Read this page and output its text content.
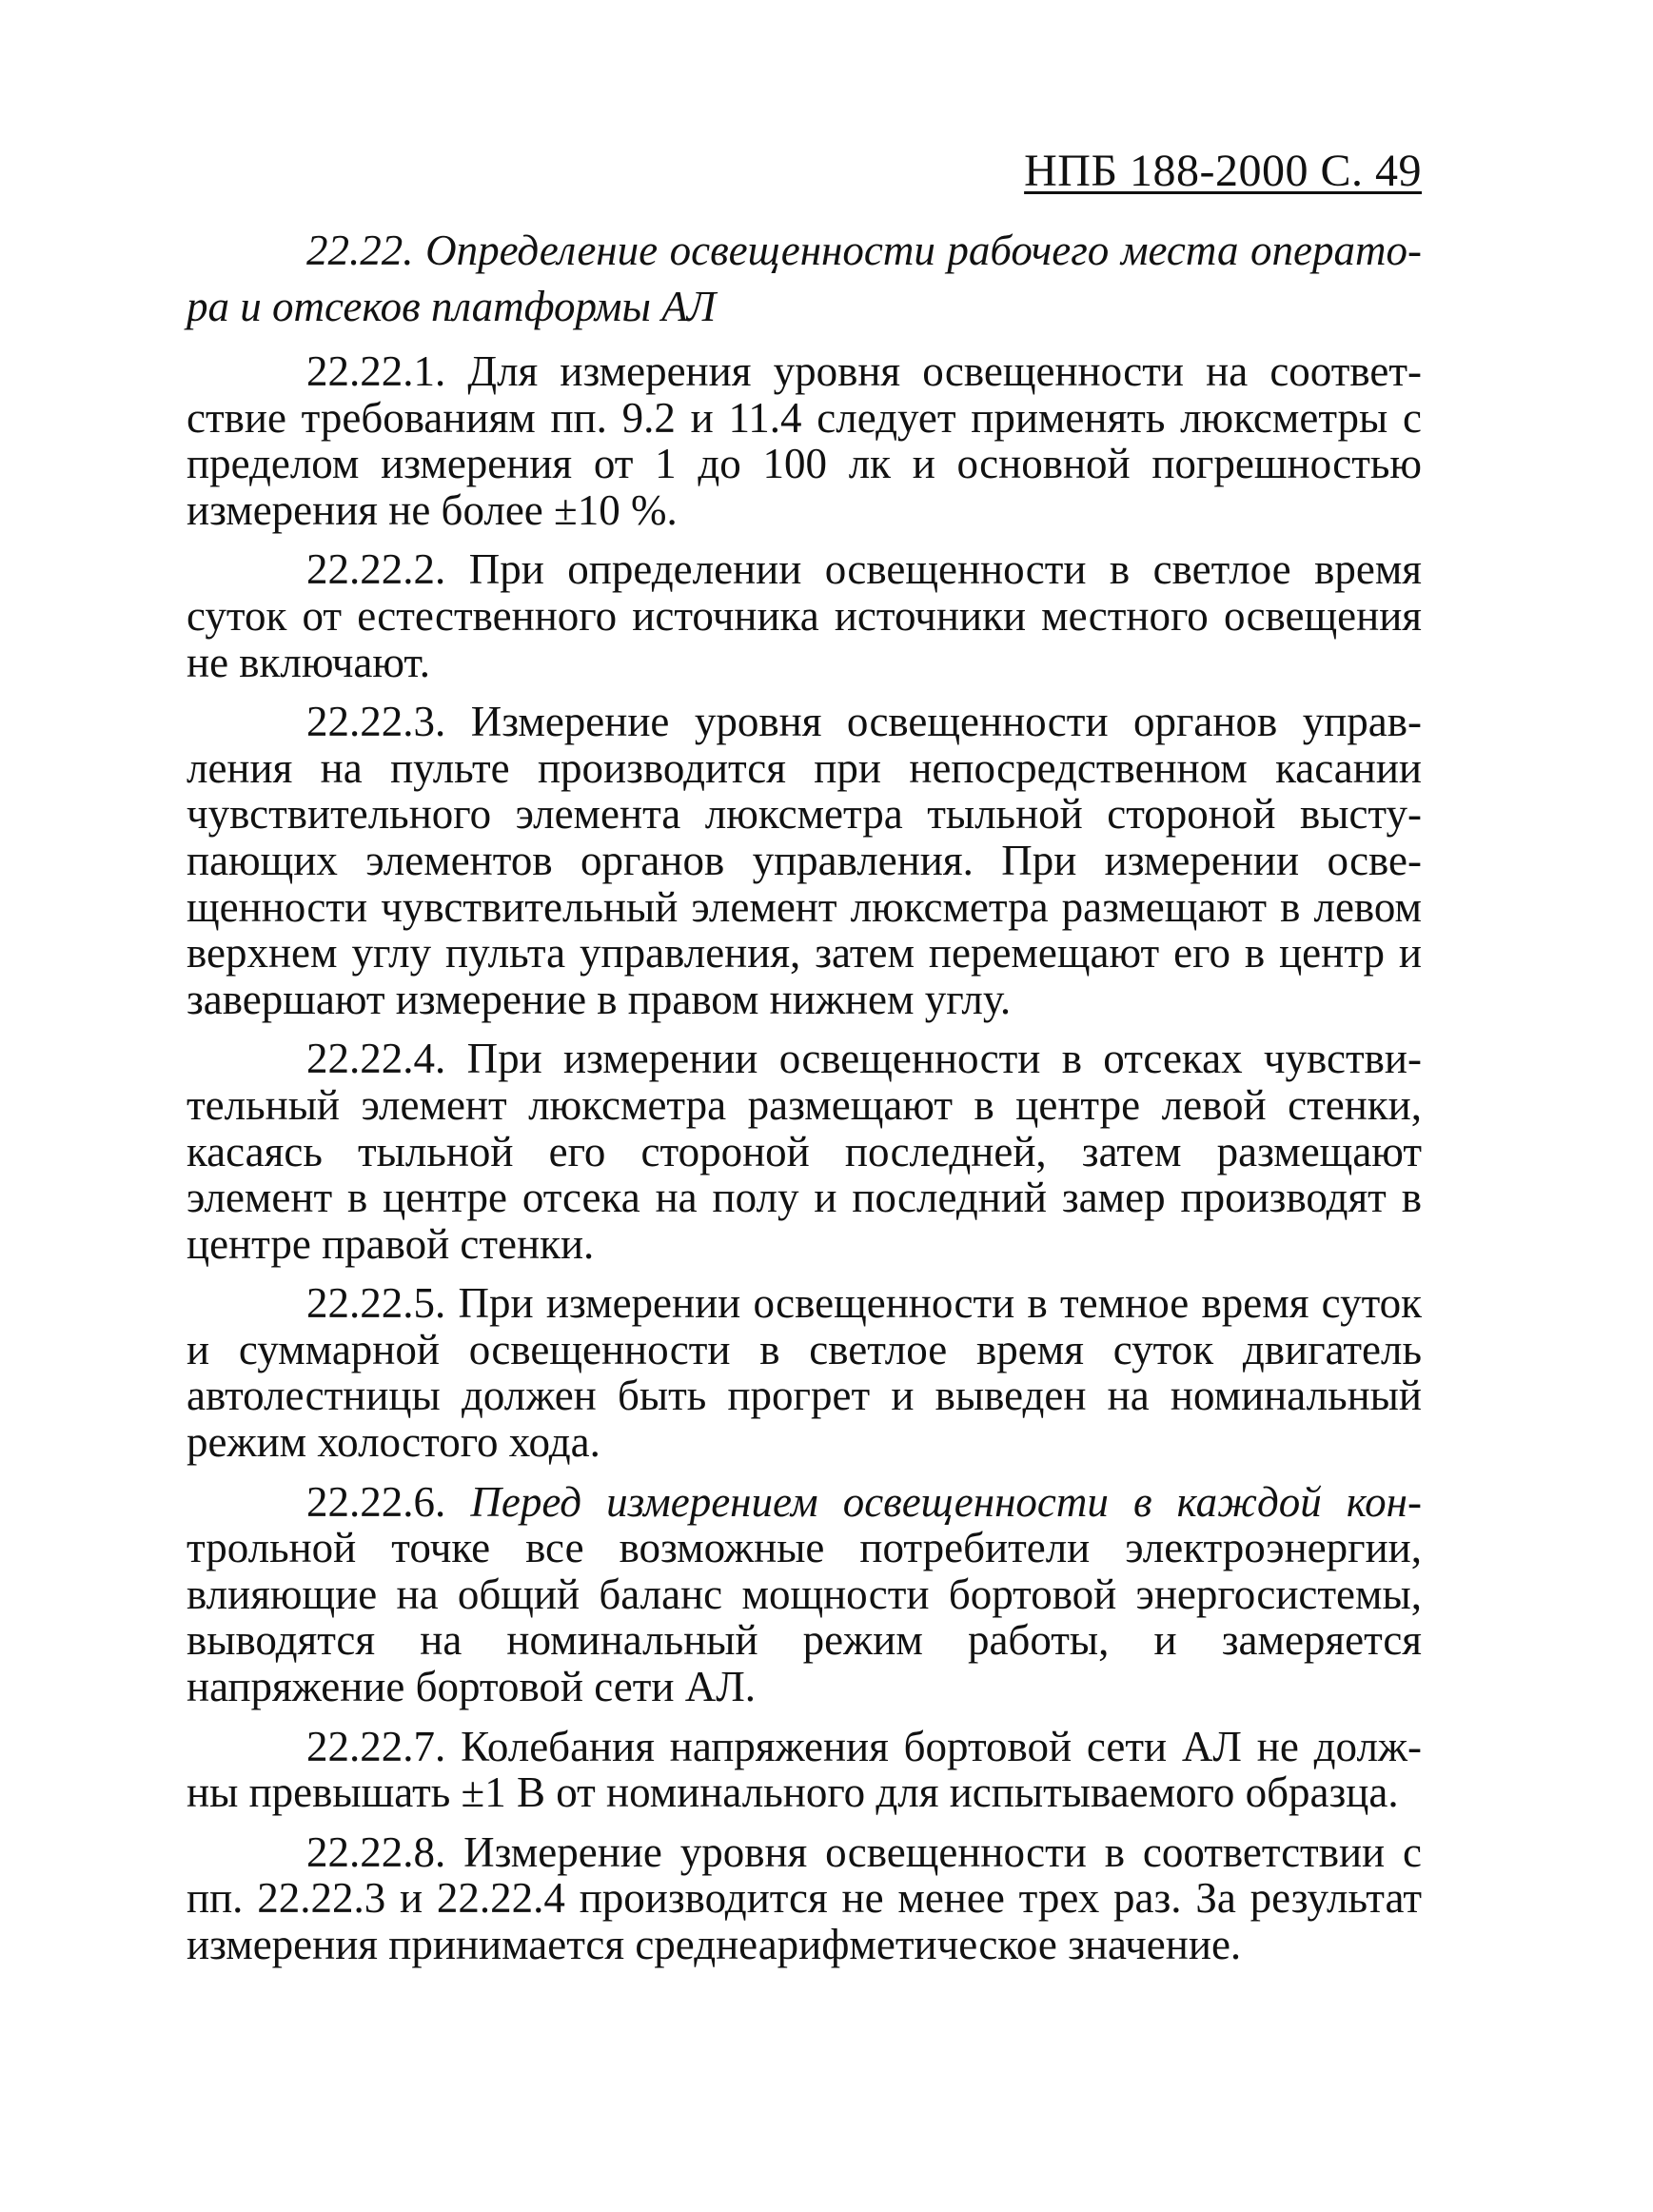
НПБ 188-2000 С. 49
22.22. Определение освещенности рабочего места оператора и отсеков платформы АЛ

22.22.1. Для измерения уровня освещенности на соответствие требованиям пп. 9.2 и 11.4 следует применять люксметры с пределом измерения от 1 до 100 лк и основной погрешностью измерения не более ±10 %.

22.22.2. При определении освещенности в светлое время суток от естественного источника источники местного освещения не включают.

22.22.3. Измерение уровня освещенности органов управления на пульте производится при непосредственном касании чувствительного элемента люксметра тыльной стороной выступающих элементов органов управления. При измерении освещенности чувствительный элемент люксметра размещают в левом верхнем углу пульта управления, затем перемещают его в центр и завершают измерение в правом нижнем углу.

22.22.4. При измерении освещенности в отсеках чувствительный элемент люксметра размещают в центре левой стенки, касаясь тыльной его стороной последней, затем размещают элемент в центре отсека на полу и последний замер производят в центре правой стенки.

22.22.5. При измерении освещенности в темное время суток и суммарной освещенности в светлое время суток двигатель автолестницы должен быть прогрет и выведен на номинальный режим холостого хода.

22.22.6. Перед измерением освещенности в каждой контрольной точке все возможные потребители электроэнергии, влияющие на общий баланс мощности бортовой энергосистемы, выводятся на номинальный режим работы, и замеряется напряжение бортовой сети АЛ.

22.22.7. Колебания напряжения бортовой сети АЛ не должны превышать ±1 В от номинального для испытываемого образца.

22.22.8. Измерение уровня освещенности в соответствии с пп. 22.22.3 и 22.22.4 производится не менее трех раз. За результат измерения принимается среднеарифметическое значение.
